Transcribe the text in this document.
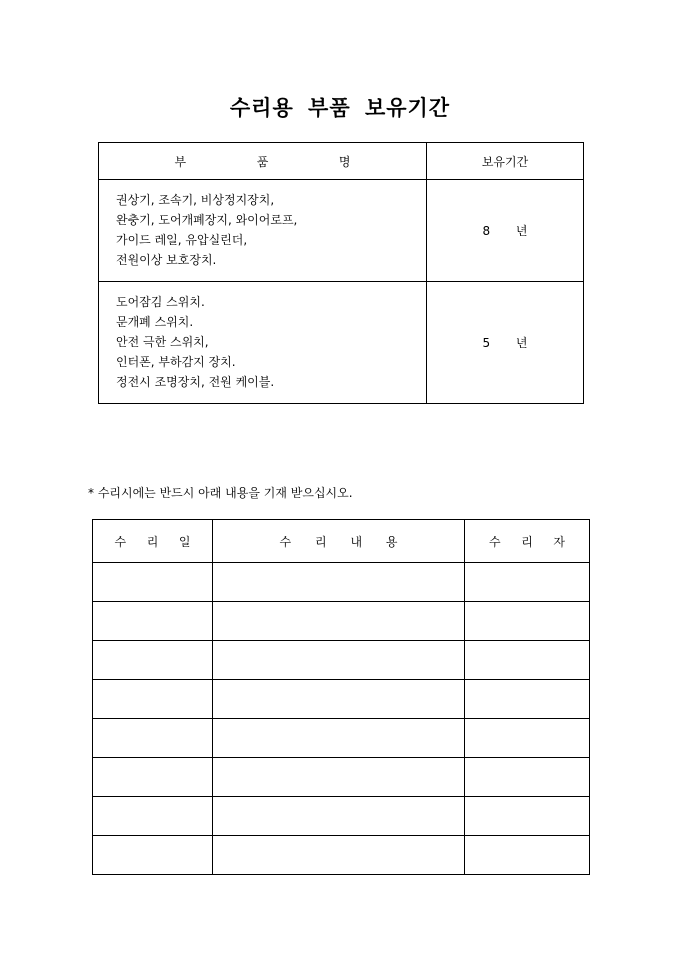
수리용 부품 보유기간
부 품 명	보유기간

권상기, 조속기, 비상정지장치,
완충기, 도어개폐장지, 와이어로프,
가이드 레일, 유압실린더,
전원이상 보호장치.	8 년

도어잠김 스위치.
문개폐 스위치.
안전 극한 스위치,
인터폰, 부하감지 장치.
정전시 조명장치, 전원 케이블.	5 년
* 수리시에는 반드시 아래 내용을 기재 받으십시오.
수 리 일	수 리 내 용	수 리 자
